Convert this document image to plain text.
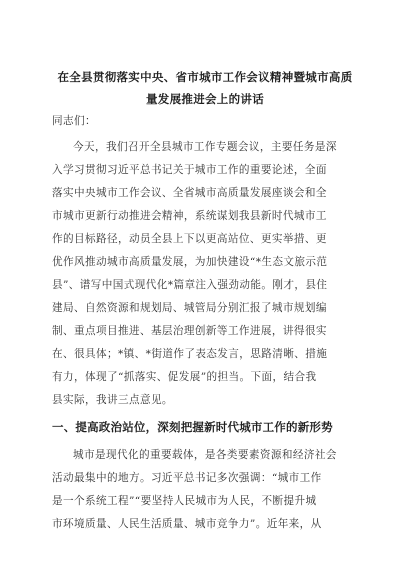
在全县贯彻落实中央、省市城市工作会议精神暨城市高质
量发展推进会上的讲话
同志们：
今天，我们召开全县城市工作专题会议，主要任务是深
入学习贯彻习近平总书记关于城市工作的重要论述，全面
落实中央城市工作会议、全省城市高质量发展座谈会和全
市城市更新行动推进会精神，系统谋划我县新时代城市工
作的目标路径，动员全县上下以更高站位、更实举措、更
优作风推动城市高质量发展，为加快建设“*生态文旅示范
县”、谱写中国式现代化*篇章注入强劲动能。刚才，县住
建局、自然资源和规划局、城管局分别汇报了城市规划编
制、重点项目推进、基层治理创新等工作进展，讲得很实
在、很具体；*镇、*街道作了表态发言，思路清晰、措施
有力，体现了“抓落实、促发展”的担当。下面，结合我
县实际，我讲三点意见。
一、提高政治站位，深刻把握新时代城市工作的新形势
城市是现代化的重要载体，是各类要素资源和经济社会
活动最集中的地方。习近平总书记多次强调：“城市工作
是一个系统工程”“要坚持人民城市为人民，不断提升城
市环境质量、人民生活质量、城市竞争力”。近年来，从
